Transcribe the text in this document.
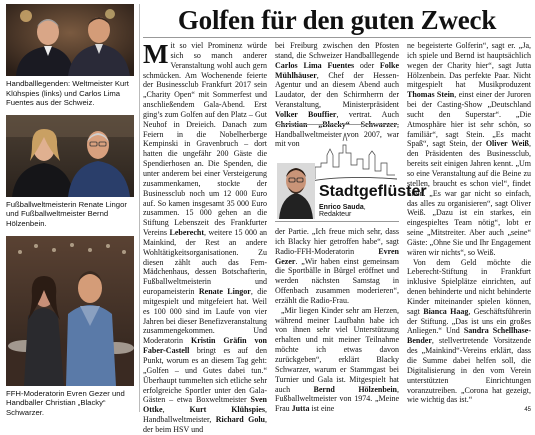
Handballlegenden: Weltmeister Kurt Klühspies (links) und Carlos Lima Fuentes aus der Schweiz.

Fußballweltmeisterin Renate Lingor und Fußballweltmeister Bernd Hölzenbein.

FFH-Moderatorin Evren Gezer und Handballer Christian „Blacky“ Schwarzer.

Golfen für den guten Zweck

Mit so viel Prominenz würde sich so manch anderer Veranstaltung wohl auch gern schmücken. Am Wochenende feierte der Businessclub Frankfurt 2017 sein „Charity Open“ mit Sommerfest und anschließendem Gala-Abend. Erst ging’s zum Golfen auf den Platz – Gut Neuhof in Dreieich. Danach zum Feiern in die Nobelherberge Kempinski in Gravenbruch – dort hatten die ungefähr 200 Gäste die Spendierhosen an. Die Spenden, die unter anderem bei einer Versteigerung zusammenkamen, stockte der Businessclub noch um 12 000 Euro auf. So kamen insgesamt 35 000 Euro zusammen. 15 000 gehen an die Stiftung Lebenszeit des Frankfurter Vereins Leberecht, weitere 15 000 an Mainkind, der Rest an andere Wohltätigkeitsorganisationen. Zu diesen zählt auch das Fem-Mädchenhaus, dessen Botschafterin, Fußballweltmeisterin und europameisterin Renate Lingor, die mitgespielt und mitgefeiert hat. Weil es 100 000 sind im Laufe von vier Jahren bei dieser Benefizveranstaltung zusammengekommen. Und Moderatorin Kristin Gräfin von Faber-Castell bringt es auf den Punkt, worum es an diesem Tag geht: „Golfen – und Gutes dabei tun.“ Überhaupt tummelten sich etliche sehr erfolgreiche Sportler unter den Gala-Gästen – etwa Boxweltmeister Sven Ottke, Kurt Klühspies, Handballweltmeister, Richard Golu, der beim HSV und

bei Freiburg zwischen den Pfosten stand, die Schweizer Handballlegende Carlos Lima Fuentes oder Folke Mühlhäuser, Chef der Hessen-Agentur und an diesem Abend auch Laudator, der den Schirmherrn der Veranstaltung, Ministerpräsident Volker Bouffier, vertrat. Auch Christian „Blacky“ Schwarzer, Handballweltmeister von 2007, war mit von

Stadtgeflüster
Enrico Sauda, Redakteur

der Partie. „Ich freue mich sehr, dass ich Blacky hier getroffen habe“, sagt Radio-FFH-Moderatorin Evren Gezer. „Wir haben einst gemeinsam die Sportbälle in Bürgel eröffnet und werden nächsten Samstag in Offenbach zusammen moderieren“, erzählt die Radio-Frau.
„Mir liegen Kinder sehr am Herzen, während meiner Laufbahn habe ich von ihnen sehr viel Unterstützung erhalten und mit meiner Teilnahme möchte ich etwas davon zurückgeben“, erklärt Blacky Schwarzer, warum er Stammgast bei Turnier und Gala ist. Mitgespielt hat auch Bernd Hölzenbein, Fußballweltmeister von 1974. „Meine Frau Jutta ist eine

ne begeisterte Golferin“, sagt er. „Ja, ich spiele und Bernd ist hauptsächlich wegen der Charity hier“, sagt Jutta Hölzenbein. Das perfekte Paar. Nicht mitgespielt hat Musikproduzent Thomas Stein, einst einer der Juroren bei der Casting-Show „Deutschland sucht den Superstar“. „Die Atmosphäre hier ist sehr schön, so familiär“, sagt Stein. „Es macht Spaß“, sagt Stein, der Oliver Weiß, den Präsidenten des Businessclub, bereits seit einigen Jahren kennt. „Um so eine Veranstaltung auf die Beine zu stellen, braucht es schon viel“, findet Stein. „Es war gar nicht so einfach, das alles zu organisieren“, sagt Oliver Weiß. „Dazu ist ein starkes, ein eingespieltes Team nötig“, lobt er seine „Mitstreiter. Aber auch „seine“ Gäste: „Ohne Sie und Ihr Engagement wären wir nichts“, so Weiß.
Von dem Geld möchte die Leberecht-Stiftung in Frankfurt inklusive Spielplätze einrichten, auf denen behinderte und nicht behinderte Kinder miteinander spielen können, sagt Bianca Haag, Geschäftsführerin der Stiftung. „Das ist uns ein großes Anliegen.“ Und Sandra Schellhase-Bender, stellvertretende Vorsitzende des „Mainkind“-Vereins erklärt, dass die Summe dabei helfen soll, die Digitalisierung in den vom Verein unterstützten Einrichtungen voranzutreiben. „Corona hat gezeigt, wie wichtig das ist.“

45
